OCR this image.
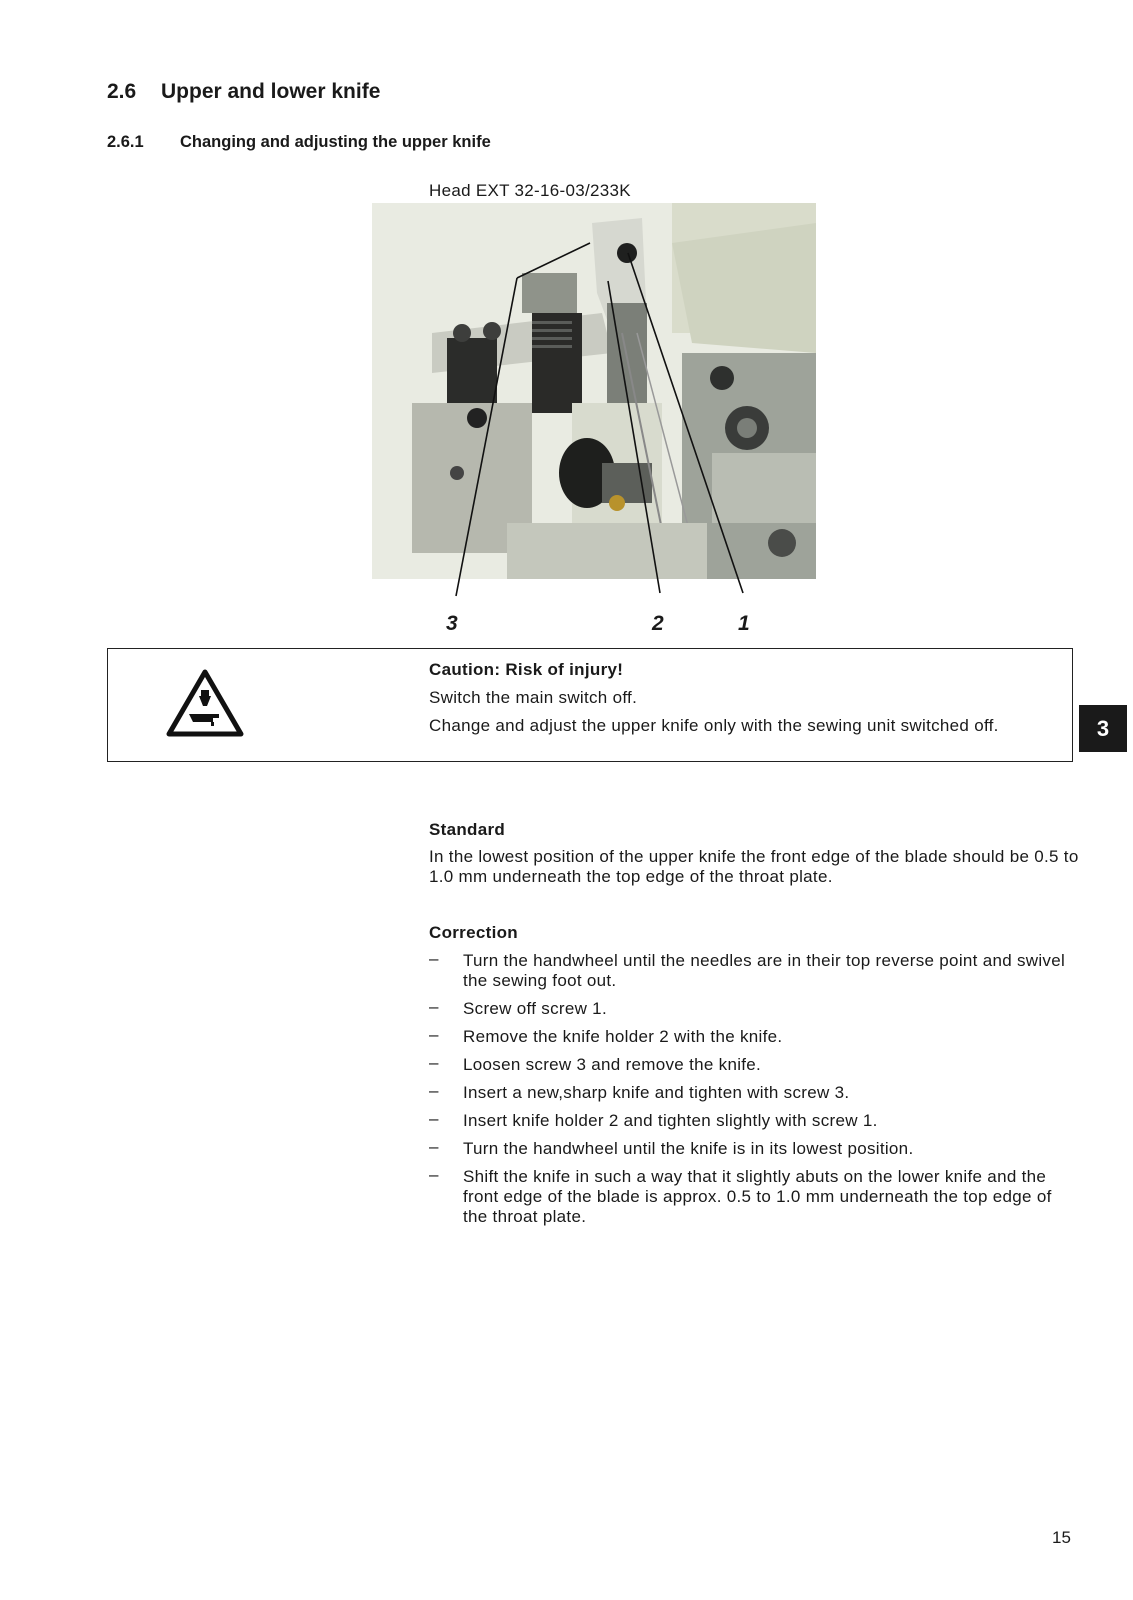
2.6 Upper and lower knife
2.6.1 Changing and adjusting the upper knife
Head EXT 32-16-03/233K
3	2	1
Caution: Risk of injury!
Switch the main switch off.
Change and adjust the upper knife only with the sewing unit switched off.	3
Standard
In the lowest position of the upper knife the front edge of the blade should be 0.5 to 1.0 mm underneath the top edge of the throat plate.
Correction
– Turn the handwheel until the needles are in their top reverse point and swivel the sewing foot out.
– Screw off screw 1.
– Remove the knife holder 2 with the knife.
– Loosen screw 3 and remove the knife.
– Insert a new,sharp knife and tighten with screw 3.
– Insert knife holder 2 and tighten slightly with screw 1.
– Turn the handwheel until the knife is in its lowest position.
– Shift the knife in such a way that it slightly abuts on the lower knife and the front edge of the blade is approx. 0.5 to 1.0 mm underneath the top edge of the throat plate.
15
